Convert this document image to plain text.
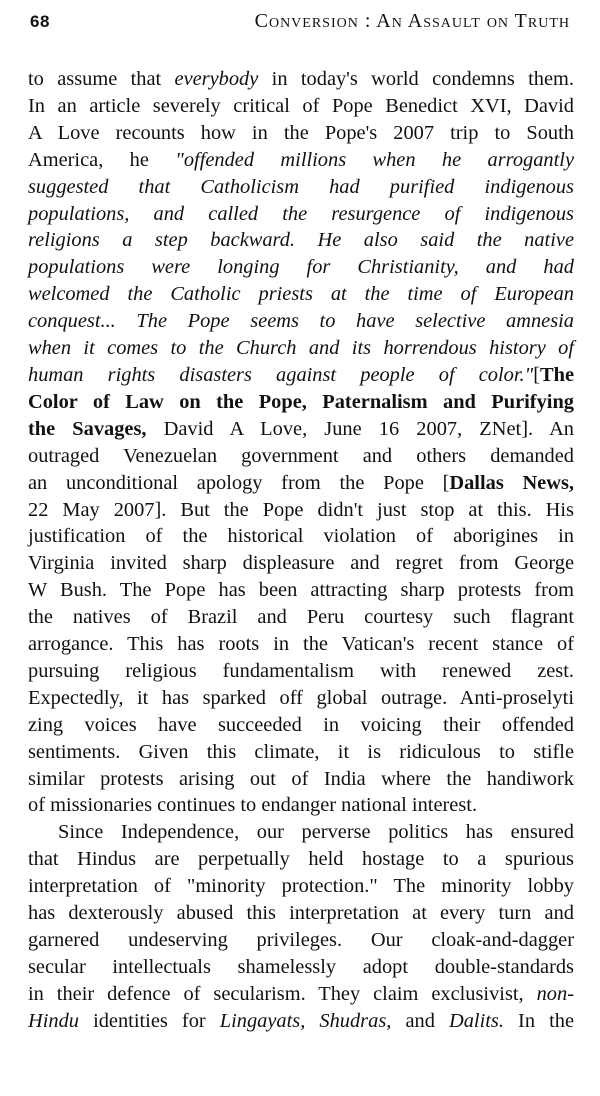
68	Conversion : An Assault on Truth

to assume that everybody in today's world condemns them.
In an article severely critical of Pope Benedict XVI, David
A Love recounts how in the Pope's 2007 trip to South
America, he "offended millions when he arrogantly
suggested that Catholicism had purified indigenous
populations, and called the resurgence of indigenous
religions a step backward. He also said the native
populations were longing for Christianity, and had
welcomed the Catholic priests at the time of European
conquest... The Pope seems to have selective amnesia
when it comes to the Church and its horrendous history of
human rights disasters against people of color."[The
Color of Law on the Pope, Paternalism and Purifying
the Savages, David A Love, June 16 2007, ZNet]. An
outraged Venezuelan government and others demanded
an unconditional apology from the Pope [Dallas News,
22 May 2007]. But the Pope didn't just stop at this. His
justification of the historical violation of aborigines in
Virginia invited sharp displeasure and regret from George
W Bush. The Pope has been attracting sharp protests from
the natives of Brazil and Peru courtesy such flagrant
arrogance. This has roots in the Vatican's recent stance of
pursuing religious fundamentalism with renewed zest.
Expectedly, it has sparked off global outrage. Anti-proselyti
zing voices have succeeded in voicing their offended
sentiments. Given this climate, it is ridiculous to stifle
similar protests arising out of India where the handiwork
of missionaries continues to endanger national interest.

Since Independence, our perverse politics has ensured
that Hindus are perpetually held hostage to a spurious
interpretation of "minority protection." The minority lobby
has dexterously abused this interpretation at every turn and
garnered undeserving privileges. Our cloak-and-dagger
secular intellectuals shamelessly adopt double-standards
in their defence of secularism. They claim exclusivist, non-
Hindu identities for Lingayats, Shudras, and Dalits. In the
